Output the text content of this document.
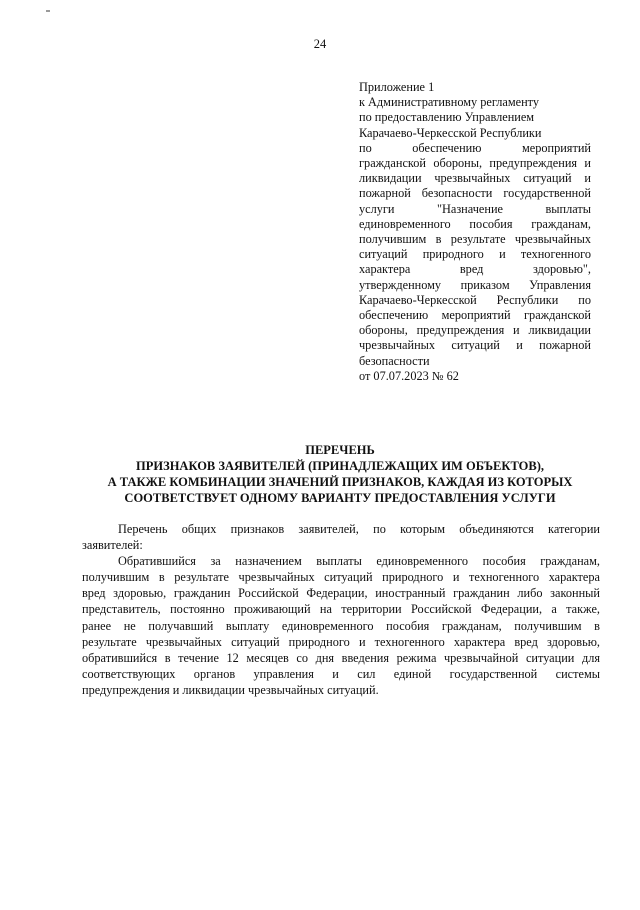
24
Приложение 1
к Административному регламенту
по предоставлению Управлением
Карачаево-Черкесской Республики
по обеспечению мероприятий
гражданской обороны, предупреждения и
ликвидации чрезвычайных ситуаций и
пожарной безопасности государственной
услуги "Назначение выплаты
единовременного пособия гражданам,
получившим в результате чрезвычайных
ситуаций природного и техногенного
характера вред здоровью",
утвержденному приказом Управления
Карачаево-Черкесской Республики по
обеспечению мероприятий гражданской
обороны, предупреждения и ликвидации
чрезвычайных ситуаций и пожарной
безопасности
от 07.07.2023 № 62
ПЕРЕЧЕНЬ
ПРИЗНАКОВ ЗАЯВИТЕЛЕЙ (ПРИНАДЛЕЖАЩИХ ИМ ОБЪЕКТОВ),
А ТАКЖЕ КОМБИНАЦИИ ЗНАЧЕНИЙ ПРИЗНАКОВ, КАЖДАЯ ИЗ КОТОРЫХ
СООТВЕТСТВУЕТ ОДНОМУ ВАРИАНТУ ПРЕДОСТАВЛЕНИЯ УСЛУГИ
Перечень общих признаков заявителей, по которым объединяются категории
заявителей:
Обратившийся за назначением выплаты единовременного пособия гражданам,
получившим в результате чрезвычайных ситуаций природного и техногенного характера
вред здоровью, гражданин Российской Федерации, иностранный гражданин либо законный
представитель, постоянно проживающий на территории Российской Федерации, а также,
ранее не получавший выплату единовременного пособия гражданам, получившим в
результате чрезвычайных ситуаций природного и техногенного характера вред здоровью,
обратившийся в течение 12 месяцев со дня введения режима чрезвычайной ситуации для
соответствующих органов управления и сил единой государственной системы
предупреждения и ликвидации чрезвычайных ситуаций.
